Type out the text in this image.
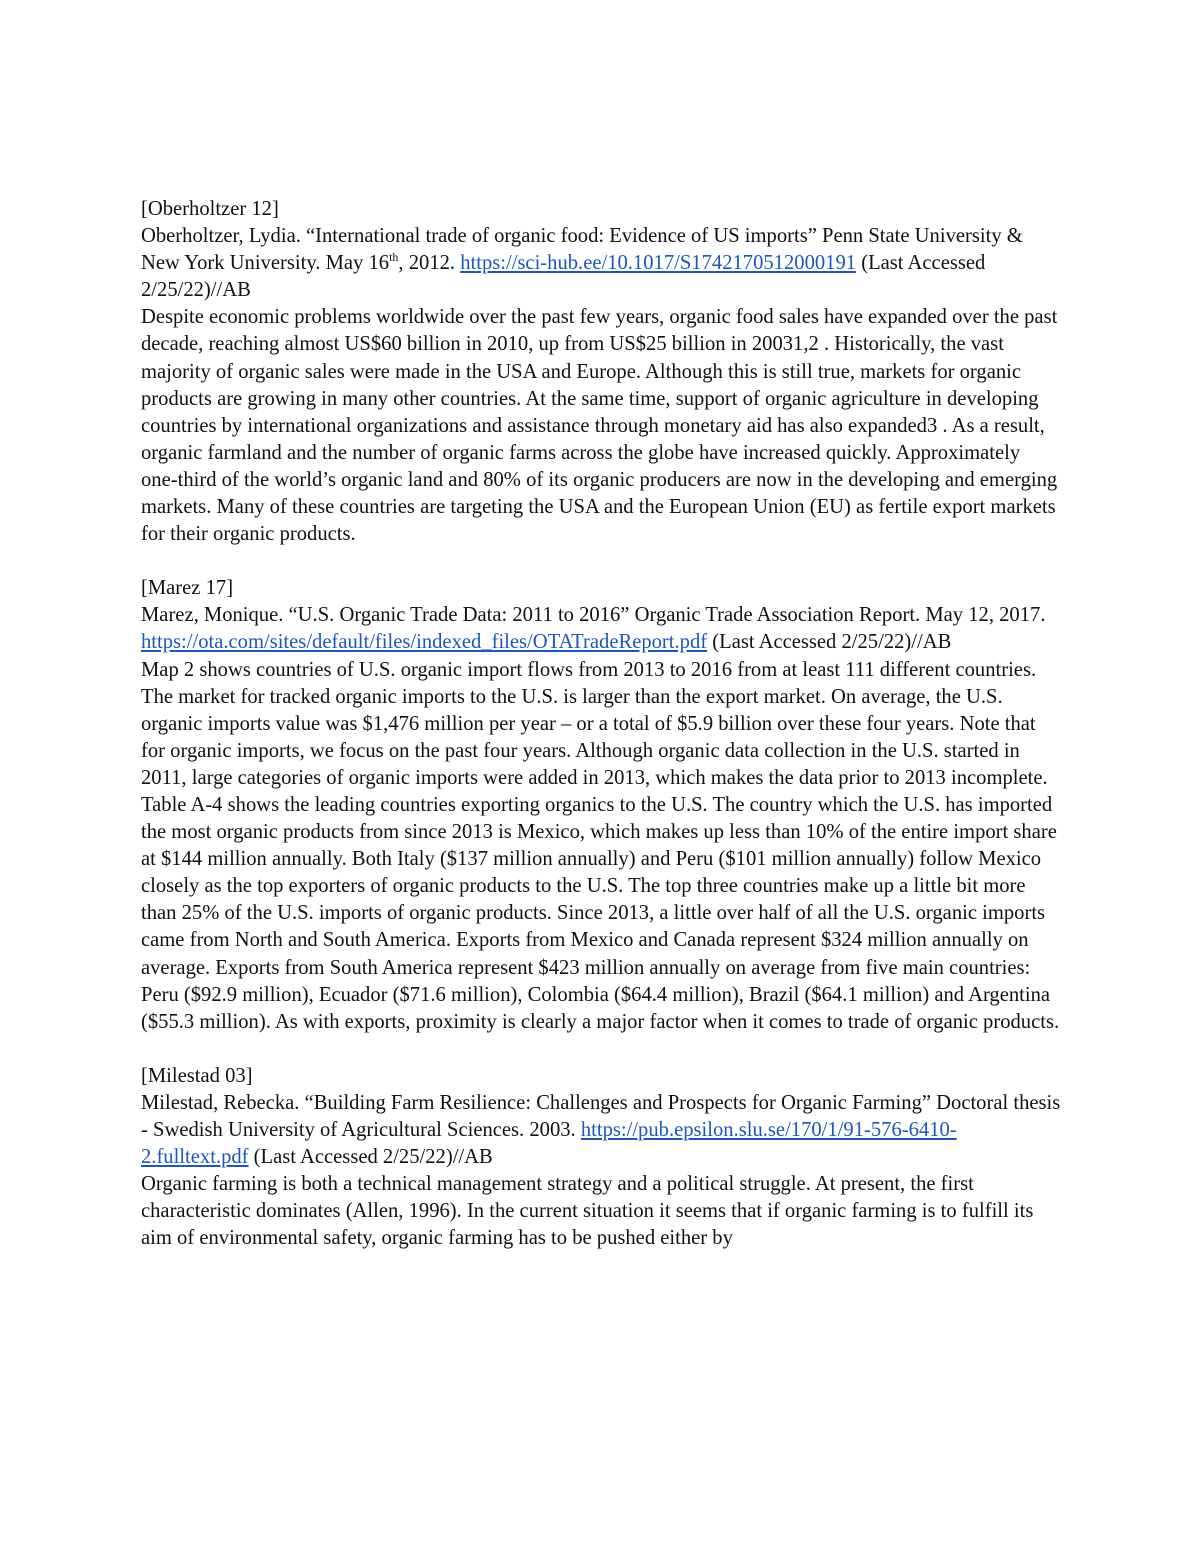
[Oberholtzer 12]

Oberholtzer, Lydia. “International trade of organic food: Evidence of US imports” Penn State University & New York University. May 16th, 2012. https://sci-hub.ee/10.1017/S1742170512000191 (Last Accessed 2/25/22)//AB

Despite economic problems worldwide over the past few years, organic food sales have expanded over the past decade, reaching almost US$60 billion in 2010, up from US$25 billion in 20031,2 . Historically, the vast majority of organic sales were made in the USA and Europe. Although this is still true, markets for organic products are growing in many other countries. At the same time, support of organic agriculture in developing countries by international organizations and assistance through monetary aid has also expanded3 . As a result, organic farmland and the number of organic farms across the globe have increased quickly. Approximately one-third of the world’s organic land and 80% of its organic producers are now in the developing and emerging markets. Many of these countries are targeting the USA and the European Union (EU) as fertile export markets for their organic products.

[Marez 17]

Marez, Monique. “U.S. Organic Trade Data: 2011 to 2016” Organic Trade Association Report. May 12, 2017. https://ota.com/sites/default/files/indexed_files/OTATradeReport.pdf (Last Accessed 2/25/22)//AB

Map 2 shows countries of U.S. organic import flows from 2013 to 2016 from at least 111 different countries. The market for tracked organic imports to the U.S. is larger than the export market. On average, the U.S. organic imports value was $1,476 million per year – or a total of $5.9 billion over these four years. Note that for organic imports, we focus on the past four years. Although organic data collection in the U.S. started in 2011, large categories of organic imports were added in 2013, which makes the data prior to 2013 incomplete. Table A-4 shows the leading countries exporting organics to the U.S. The country which the U.S. has imported the most organic products from since 2013 is Mexico, which makes up less than 10% of the entire import share at $144 million annually. Both Italy ($137 million annually) and Peru ($101 million annually) follow Mexico closely as the top exporters of organic products to the U.S. The top three countries make up a little bit more than 25% of the U.S. imports of organic products. Since 2013, a little over half of all the U.S. organic imports came from North and South America. Exports from Mexico and Canada represent $324 million annually on average. Exports from South America represent $423 million annually on average from five main countries: Peru ($92.9 million), Ecuador ($71.6 million), Colombia ($64.4 million), Brazil ($64.1 million) and Argentina ($55.3 million). As with exports, proximity is clearly a major factor when it comes to trade of organic products.

[Milestad 03]

Milestad, Rebecka. “Building Farm Resilience: Challenges and Prospects for Organic Farming” Doctoral thesis - Swedish University of Agricultural Sciences. 2003. https://pub.epsilon.slu.se/170/1/91-576-6410-2.fulltext.pdf (Last Accessed 2/25/22)//AB

Organic farming is both a technical management strategy and a political struggle. At present, the first characteristic dominates (Allen, 1996). In the current situation it seems that if organic farming is to fulfill its aim of environmental safety, organic farming has to be pushed either by
